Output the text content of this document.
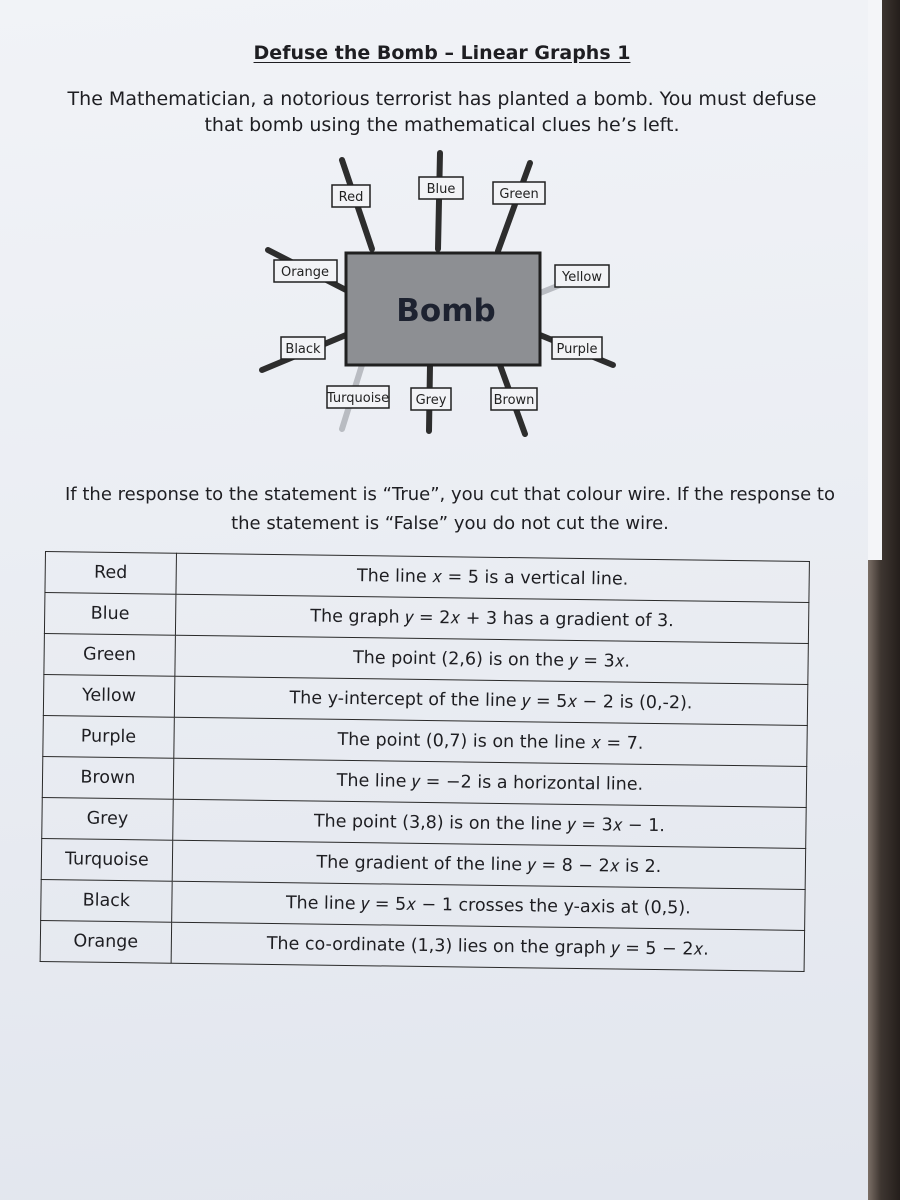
Defuse the Bomb – Linear Graphs 1

The Mathematician, a notorious terrorist has planted a bomb. You must defuse that bomb using the mathematical clues he’s left.

Bomb
Red
Blue	Green
Orange	Yellow
Black	Purple
Turquoise Grey	Brown

If the response to the statement is “True”, you cut that colour wire. If the response to the statement is “False” you do not cut the wire.

Red	The line 𝑥 = 5 is a vertical line.
Blue	The graph 𝑦 = 2𝑥 + 3 has a gradient of 3.
Green	The point (2,6) is on the 𝑦 = 3𝑥.
Yellow	The y-intercept of the line 𝑦 = 5𝑥 − 2 is (0,-2).
Purple	The point (0,7) is on the line 𝑥 = 7.
Brown	The line 𝑦 = −2 is a horizontal line.
Grey	The point (3,8) is on the line 𝑦 = 3𝑥 − 1.
Turquoise	The gradient of the line 𝑦 = 8 − 2𝑥 is 2.
Black	The line 𝑦 = 5𝑥 − 1 crosses the y-axis at (0,5).
Orange	The co-ordinate (1,3) lies on the graph 𝑦 = 5 − 2𝑥.
